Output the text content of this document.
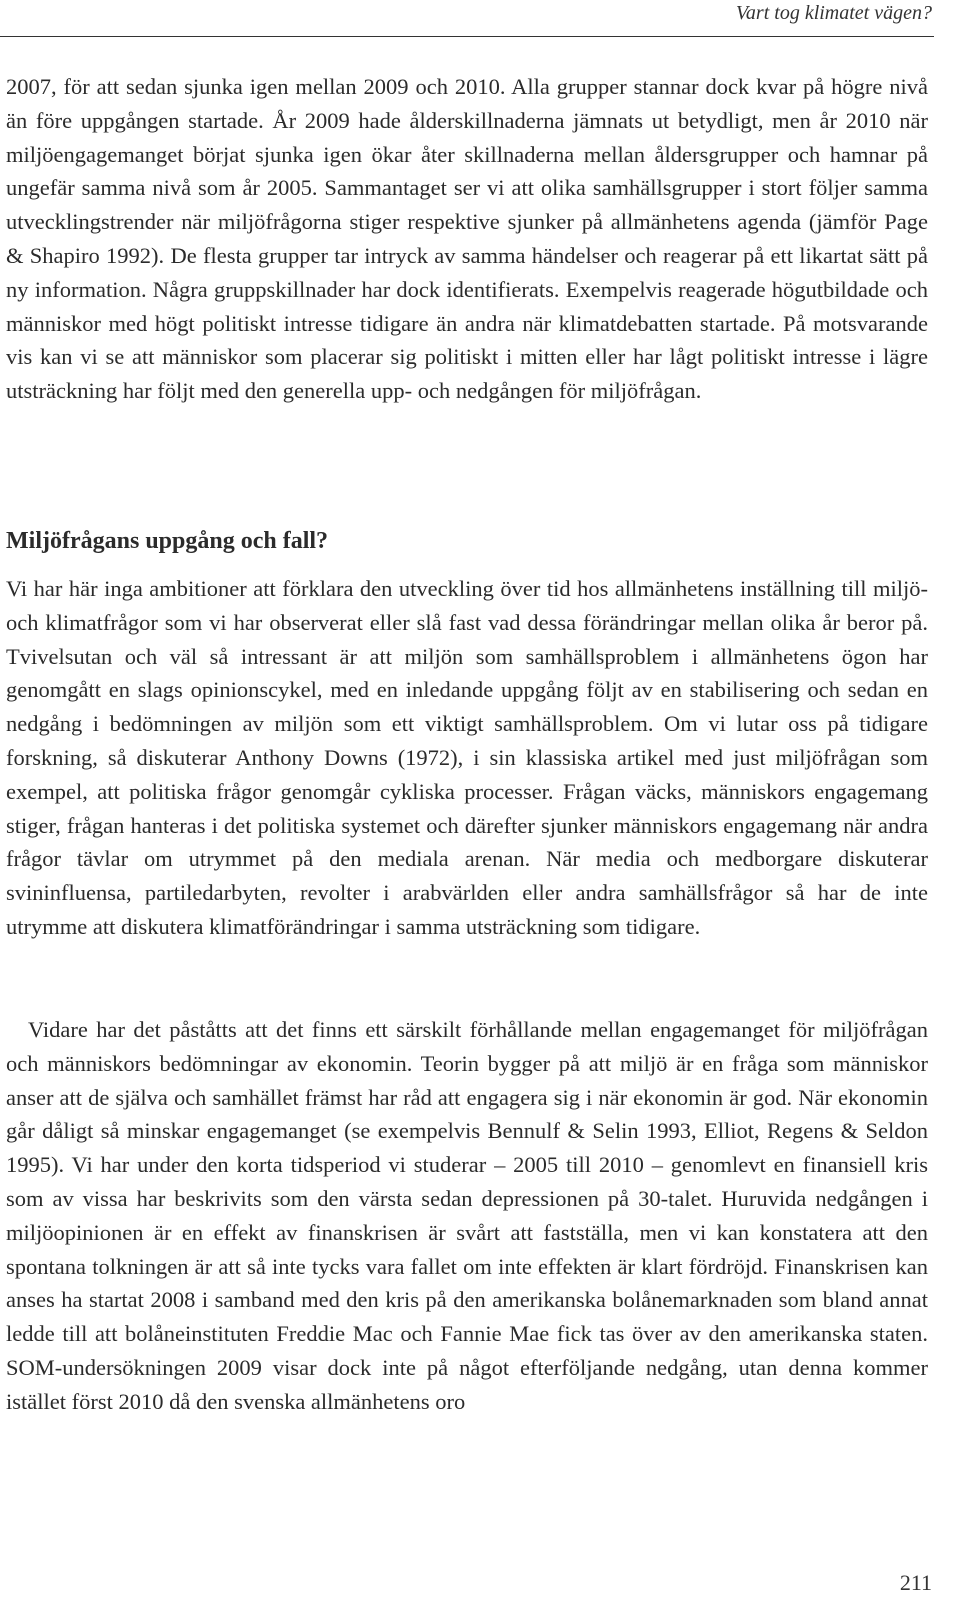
Vart tog klimatet vägen?

2007, för att sedan sjunka igen mellan 2009 och 2010. Alla grupper stannar dock kvar på högre nivå än före uppgången startade. År 2009 hade ålderskillnaderna jämnats ut betydligt, men år 2010 när miljöengagemanget börjat sjunka igen ökar åter skillnaderna mellan åldersgrupper och hamnar på ungefär samma nivå som år 2005. Sammantaget ser vi att olika samhällsgrupper i stort följer samma utvecklingstrender när miljöfrågorna stiger respektive sjunker på allmänhetens agenda (jämför Page & Shapiro 1992). De flesta grupper tar intryck av samma händelser och reagerar på ett likartat sätt på ny information. Några gruppskillnader har dock identifierats. Exempelvis reagerade högutbildade och människor med högt politiskt intresse tidigare än andra när klimatdebatten startade. På motsvarande vis kan vi se att människor som placerar sig politiskt i mitten eller har lågt politiskt intresse i lägre utsträckning har följt med den generella upp- och nedgången för miljöfrågan.

Miljöfrågans uppgång och fall?

Vi har här inga ambitioner att förklara den utveckling över tid hos allmänhetens inställning till miljö- och klimatfrågor som vi har observerat eller slå fast vad dessa förändringar mellan olika år beror på. Tvivelsutan och väl så intressant är att miljön som samhällsproblem i allmänhetens ögon har genomgått en slags opinionscykel, med en inledande uppgång följt av en stabilisering och sedan en nedgång i bedömningen av miljön som ett viktigt samhällsproblem. Om vi lutar oss på tidigare forskning, så diskuterar Anthony Downs (1972), i sin klassiska artikel med just miljöfrågan som exempel, att politiska frågor genomgår cykliska processer. Frågan väcks, människors engagemang stiger, frågan hanteras i det politiska systemet och därefter sjunker människors engagemang när andra frågor tävlar om utrymmet på den mediala arenan. När media och medborgare diskuterar svininfluensa, partiledarbyten, revolter i arabvärlden eller andra samhällsfrågor så har de inte utrymme att diskutera klimatförändringar i samma utsträckning som tidigare.

Vidare har det påståtts att det finns ett särskilt förhållande mellan engagemanget för miljöfrågan och människors bedömningar av ekonomin. Teorin bygger på att miljö är en fråga som människor anser att de själva och samhället främst har råd att engagera sig i när ekonomin är god. När ekonomin går dåligt så minskar engagemanget (se exempelvis Bennulf & Selin 1993, Elliot, Regens & Seldon 1995). Vi har under den korta tidsperiod vi studerar – 2005 till 2010 – genomlevt en finansiell kris som av vissa har beskrivits som den värsta sedan depressionen på 30-talet. Huruvida nedgången i miljöopinionen är en effekt av finanskrisen är svårt att fastställa, men vi kan konstatera att den spontana tolkningen är att så inte tycks vara fallet om inte effekten är klart fördröjd. Finanskrisen kan anses ha startat 2008 i samband med den kris på den amerikanska bolånemarknaden som bland annat ledde till att bolåneinstituten Freddie Mac och Fannie Mae fick tas över av den amerikanska staten. SOM-undersökningen 2009 visar dock inte på något efterföljande nedgång, utan denna kommer istället först 2010 då den svenska allmänhetens oro

211
